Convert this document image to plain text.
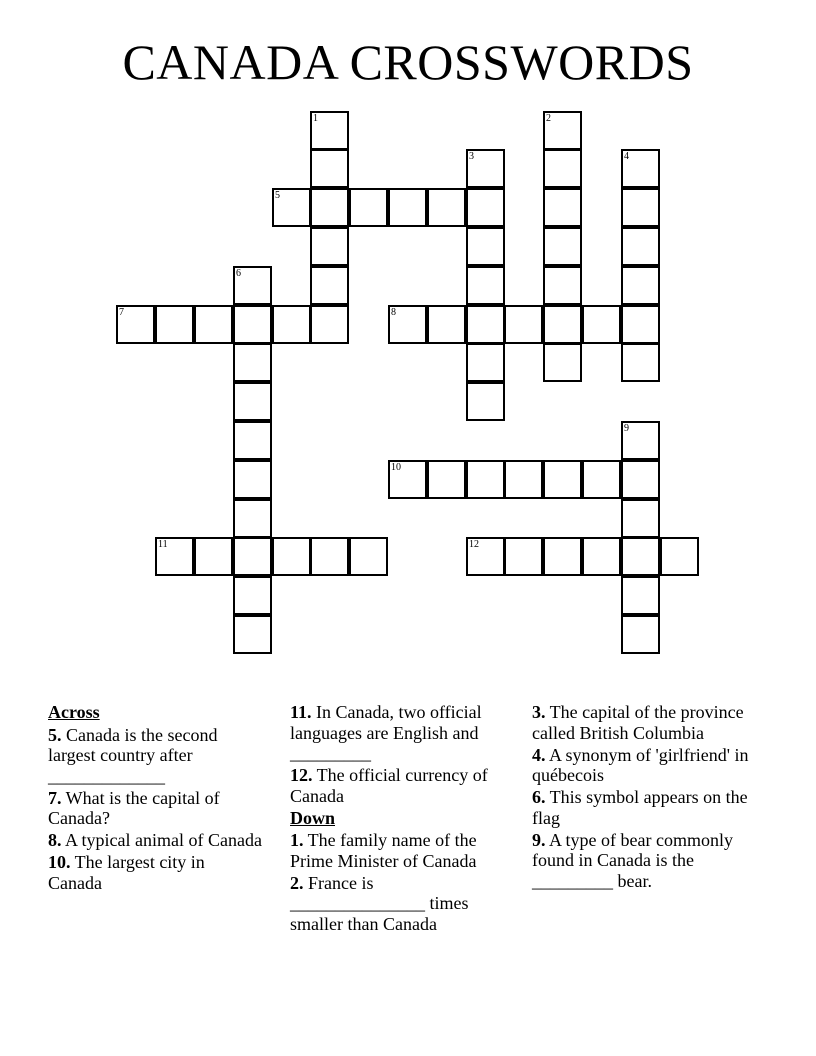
CANADA CROSSWORDS
1	2
3	4
5
6
7	8
9
10
11	12
Across
5. Canada is the second largest country after _____________
7. What is the capital of Canada?
8. A typical animal of Canada
10. The largest city in Canada
11. In Canada, two official languages are English and _________
12. The official currency of Canada
Down
1. The family name of the Prime Minister of Canada
2. France is _______________ times smaller than Canada
3. The capital of the province called British Columbia
4. A synonym of 'girlfriend' in québecois
6. This symbol appears on the flag
9. A type of bear commonly found in Canada is the _________ bear.
